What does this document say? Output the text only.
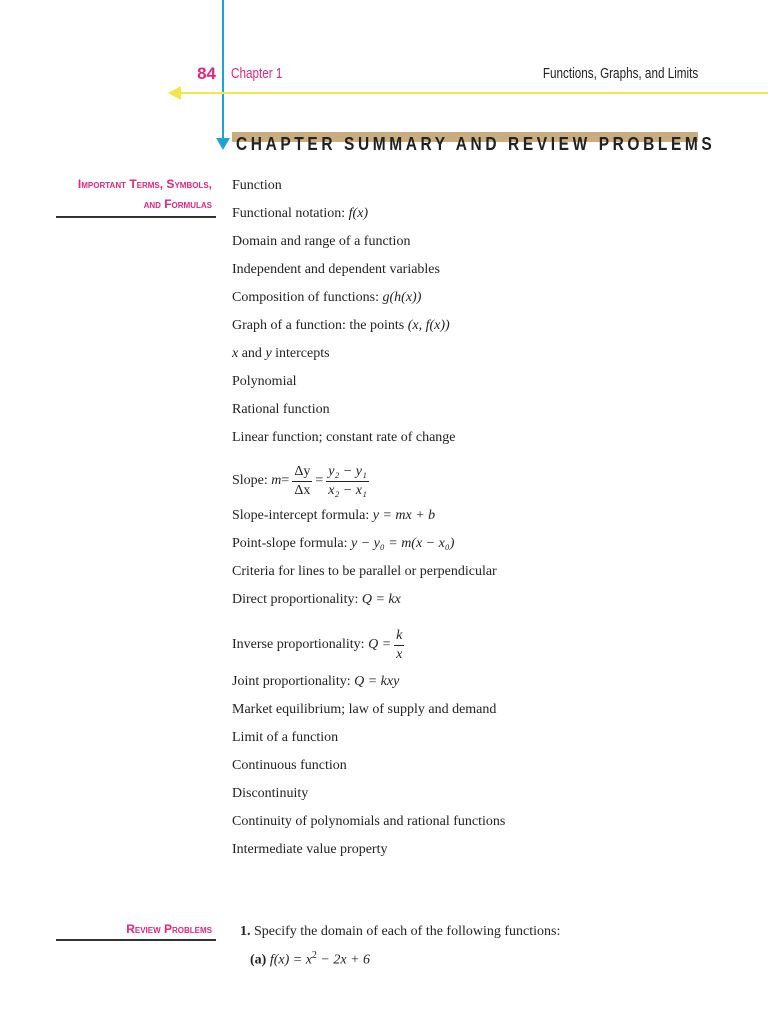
84 Chapter 1	Functions, Graphs, and Limits
CHAPTER SUMMARY AND REVIEW PROBLEMS
Important Terms, Symbols,
and Formulas
Function
Functional notation: f(x)
Domain and range of a function
Independent and dependent variables
Composition of functions: g(h(x))
Graph of a function: the points (x, f(x))
x and y intercepts
Polynomial
Rational function
Linear function; constant rate of change
Slope:
$m = \frac{\Delta y}{\Delta x} = \frac{\text{y₂ − y₁}}{\text{x₂ − x₁}}$
Slope-intercept formula: y = mx + b
Point-slope formula: y − y₀ = m(x − x₀)
Criteria for lines to be parallel or perpendicular
Direct proportionality: Q = kx
Inverse proportionality:
$Q = \frac{k}{x}$
Joint proportionality: Q = kxy
Market equilibrium; law of supply and demand
Limit of a function
Continuous function
Discontinuity
Continuity of polynomials and rational functions
Intermediate value property
Review Problems 1. Specify the domain of each of the following functions:
(a) $f(x) = x^2 - 2x + 6$
